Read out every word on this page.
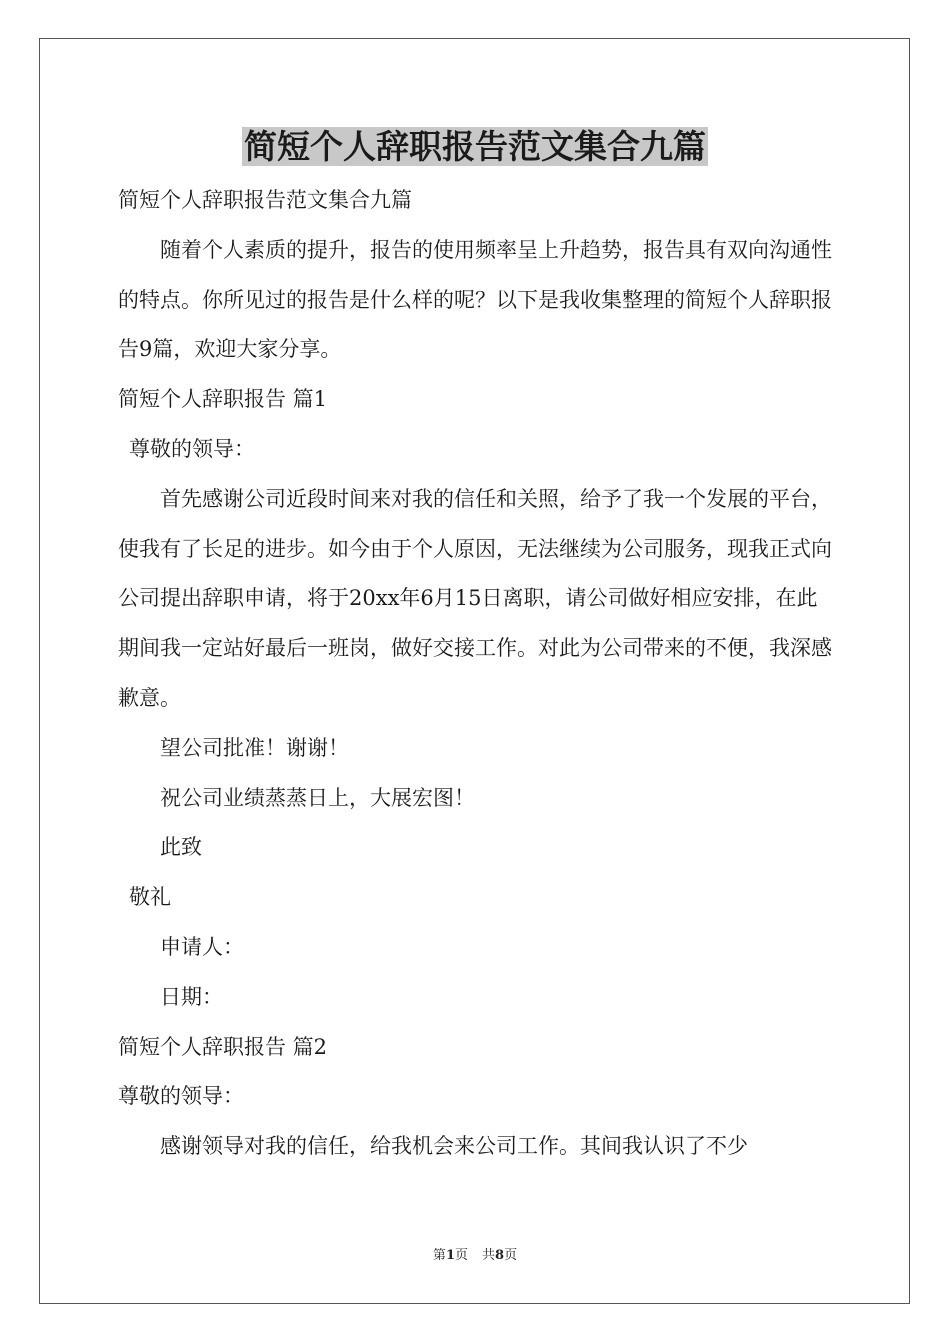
简短个人辞职报告范文集合九篇

简短个人辞职报告范文集合九篇

随着个人素质的提升，报告的使用频率呈上升趋势，报告具有双向沟通性的特点。你所见过的报告是什么样的呢？以下是我收集整理的简短个人辞职报告9篇，欢迎大家分享。

简短个人辞职报告 篇1

尊敬的领导：

首先感谢公司近段时间来对我的信任和关照，给予了我一个发展的平台，使我有了长足的进步。如今由于个人原因，无法继续为公司服务，现我正式向公司提出辞职申请，将于20xx年6月15日离职，请公司做好相应安排，在此期间我一定站好最后一班岗，做好交接工作。对此为公司带来的不便，我深感歉意。

望公司批准！谢谢！

祝公司业绩蒸蒸日上，大展宏图！

此致

敬礼

申请人：

日期：

简短个人辞职报告 篇2

尊敬的领导：

感谢领导对我的信任，给我机会来公司工作。其间我认识了不少

第1页 共8页
